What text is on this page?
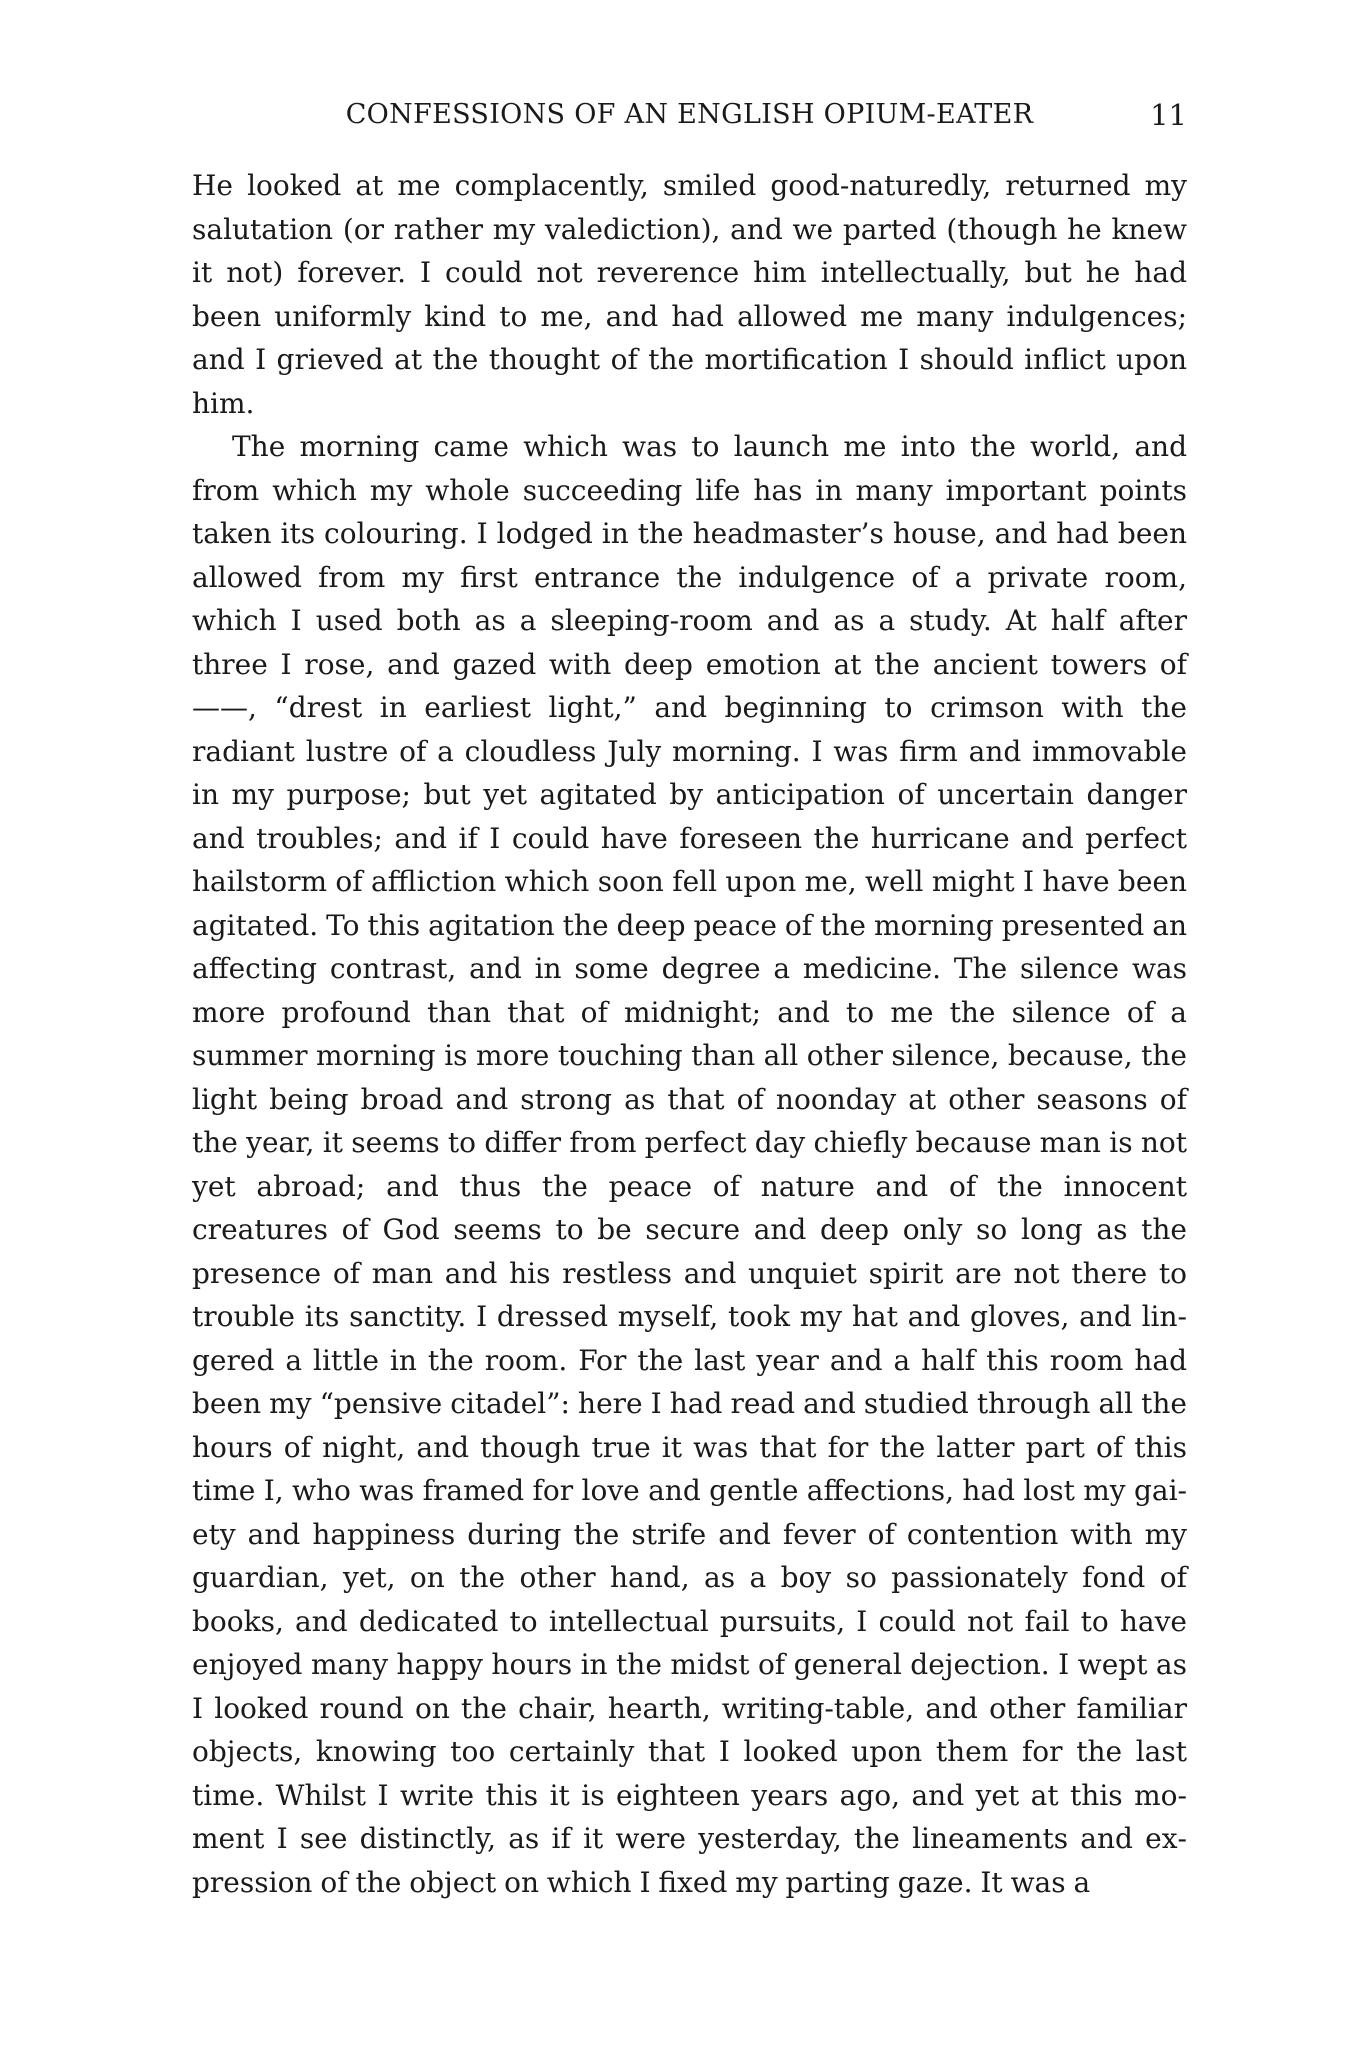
CONFESSIONS OF AN ENGLISH OPIUM-EATER	11

He looked at me complacently, smiled good-naturedly, returned my salutation (or rather my valediction), and we parted (though he knew it not) forever. I could not reverence him intellectually, but he had been uniformly kind to me, and had allowed me many indulgences; and I grieved at the thought of the mortification I should inflict upon him.

The morning came which was to launch me into the world, and from which my whole succeeding life has in many important points taken its colouring. I lodged in the headmaster’s house, and had been allowed from my first entrance the indulgence of a private room, which I used both as a sleeping-room and as a study. At half after three I rose, and gazed with deep emotion at the ancient towers of——, “drest in earliest light,” and beginning to crimson with the radiant lustre of a cloudless July morning. I was firm and immovable in my purpose; but yet agitated by anticipation of uncertain danger and troubles; and if I could have foreseen the hurricane and perfect hailstorm of affliction which soon fell upon me, well might I have been agitated. To this agitation the deep peace of the morning presented an affecting contrast, and in some degree a medicine. The silence was more profound than that of midnight; and to me the silence of a summer morning is more touching than all other silence, because, the light being broad and strong as that of noonday at other seasons of the year, it seems to differ from perfect day chiefly because man is not yet abroad; and thus the peace of nature and of the innocent creatures of God seems to be secure and deep only so long as the presence of man and his restless and unquiet spirit are not there to trouble its sanctity. I dressed myself, took my hat and gloves, and lingered a little in the room. For the last year and a half this room had been my “pensive citadel”: here I had read and studied through all the hours of night, and though true it was that for the latter part of this time I, who was framed for love and gentle affections, had lost my gaiety and happiness during the strife and fever of contention with my guardian, yet, on the other hand, as a boy so passionately fond of books, and dedicated to intellectual pursuits, I could not fail to have enjoyed many happy hours in the midst of general dejection. I wept as I looked round on the chair, hearth, writing-table, and other familiar objects, knowing too certainly that I looked upon them for the last time. Whilst I write this it is eighteen years ago, and yet at this moment I see distinctly, as if it were yesterday, the lineaments and expression of the object on which I fixed my parting gaze. It was a
